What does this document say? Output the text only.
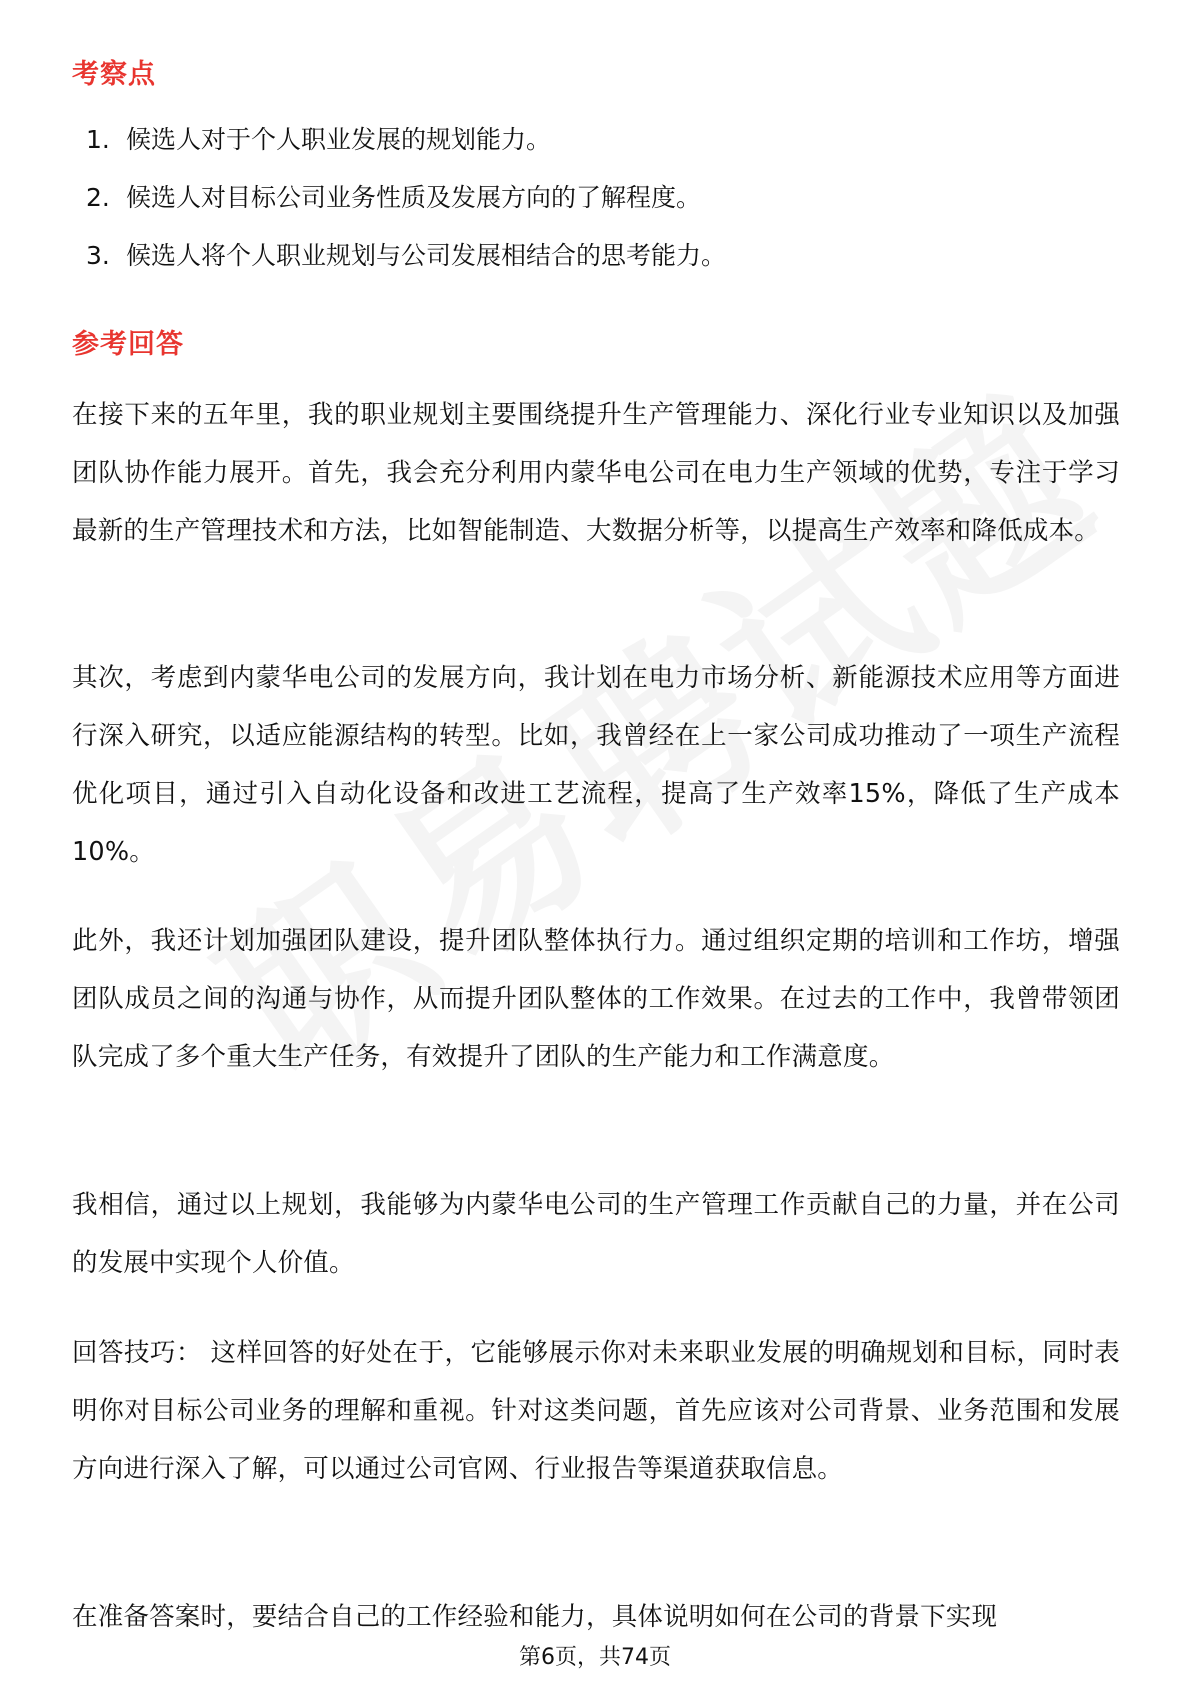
考察点
1. 候选人对于个人职业发展的规划能力。
2. 候选人对目标公司业务性质及发展方向的了解程度。
3. 候选人将个人职业规划与公司发展相结合的思考能力。
参考回答

在接下来的五年里，我的职业规划主要围绕提升生产管理能力、深化行业专业知识以及加强团队协作能力展开。首先，我会充分利用内蒙华电公司在电力生产领域的优势，专注于学习最新的生产管理技术和方法，比如智能制造、大数据分析等，以提高生产效率和降低成本。

其次，考虑到内蒙华电公司的发展方向，我计划在电力市场分析、新能源技术应用等方面进行深入研究，以适应能源结构的转型。比如，我曾经在上一家公司成功推动了一项生产流程优化项目，通过引入自动化设备和改进工艺流程，提高了生产效率15%，降低了生产成本10%。

此外，我还计划加强团队建设，提升团队整体执行力。通过组织定期的培训和工作坊，增强团队成员之间的沟通与协作，从而提升团队整体的工作效果。在过去的工作中，我曾带领团队完成了多个重大生产任务，有效提升了团队的生产能力和工作满意度。

我相信，通过以上规划，我能够为内蒙华电公司的生产管理工作贡献自己的力量，并在公司的发展中实现个人价值。

回答技巧： 这样回答的好处在于，它能够展示你对未来职业发展的明确规划和目标，同时表明你对目标公司业务的理解和重视。针对这类问题，首先应该对公司背景、业务范围和发展方向进行深入了解，可以通过公司官网、行业报告等渠道获取信息。

在准备答案时，要结合自己的工作经验和能力，具体说明如何在公司的背景下实现

第6页，共74页
